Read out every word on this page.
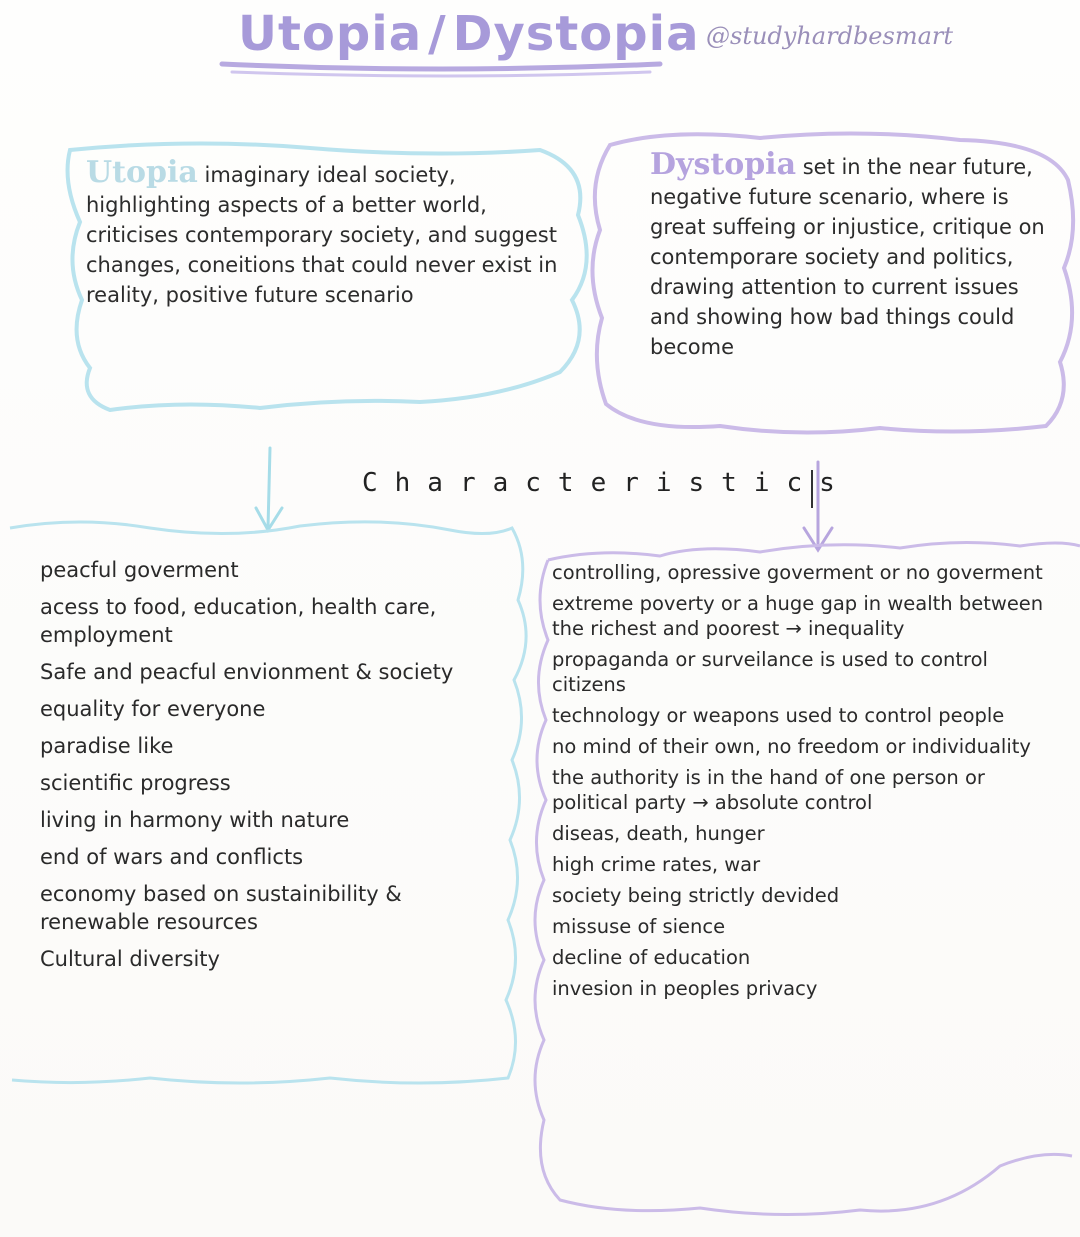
Utopia / Dystopia @studyhardbesmart
Utopia imaginary ideal society, highlighting aspects of a better world, criticises contemporary society, and suggest changes, coneitions that could never exist in reality, positive future scenario
Dystopia set in the near future, negative future scenario, where is great suffeing or injustice, critique on contemporare society and politics, drawing attention to current issues and showing how bad things could become
Characteristics
peacful goverment
acess to food, education, health care, employment
Safe and peacful envionment & society
equality for everyone
paradise like
scientific progress
living in harmony with nature
end of wars and conflicts
economy based on sustainibility & renewable resources
Cultural diversity
controlling, opressive goverment or no goverment
extreme poverty or a huge gap in wealth between the richest and poorest → inequality
propaganda or surveilance is used to control citizens
technology or weapons used to control people
no mind of their own, no freedom or individuality
the authority is in the hand of one person or political party → absolute control
diseas, death, hunger
high crime rates, war
society being strictly devided
missuse of sience
decline of education
invesion in peoples privacy
